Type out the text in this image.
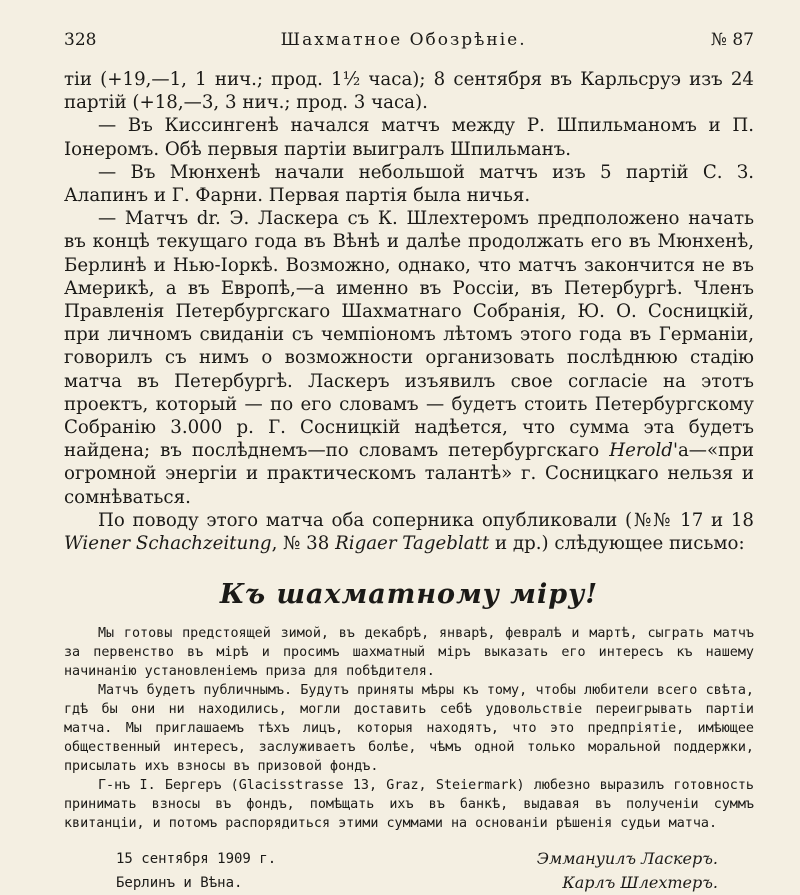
328	Шахматное Обозрѣніе.	№ 87

тіи (+19,—1, 1 нич.; прод. 1½ часа); 8 сентября въ Карльсруэ изъ 24 партій (+18,—3, 3 нич.; прод. 3 часа).

— Въ Киссингенѣ начался матчъ между Р. Шпильманомъ и П. Іонеромъ. Обѣ первыя партіи выигралъ Шпильманъ.

— Въ Мюнхенѣ начали небольшой матчъ изъ 5 партій С. З. Алапинъ и Г. Фарни. Первая партія была ничья.

— Матчъ dr. Э. Ласкера съ К. Шлехтеромъ предположено начать въ концѣ текущаго года въ Вѣнѣ и далѣе продолжать его въ Мюнхенѣ, Берлинѣ и Нью-Іоркѣ. Возможно, однако, что матчъ закончится не въ Америкѣ, а въ Европѣ,—а именно въ Россіи, въ Петербургѣ. Членъ Правленія Петербургскаго Шахматнаго Собранія, Ю. О. Сосницкій, при личномъ свиданіи съ чемпіономъ лѣтомъ этого года въ Германіи, говорилъ съ нимъ о возможности организовать послѣднюю стадію матча въ Петербургѣ. Ласкеръ изъявилъ свое согласіе на этотъ проектъ, который — по его словамъ — будетъ стоить Петербургскому Собранію 3.000 р. Г. Сосницкій надѣется, что сумма эта будетъ найдена; въ послѣднемъ—по словамъ петербургскаго Herold'а—«при огромной энергіи и практическомъ талантѣ» г. Сосницкаго нельзя и сомнѣваться.

По поводу этого матча оба соперника опубликовали (№№ 17 и 18 Wiener Schachzeitung, № 38 Rigaer Tageblatt и др.) слѣдующее письмо:

Къ шахматному міру!

Мы готовы предстоящей зимой, въ декабрѣ, январѣ, февралѣ и мартѣ, сыграть матчъ за первенство въ мірѣ и просимъ шахматный міръ выказать его интересъ къ нашему начинанію установленіемъ приза для побѣдителя.

Матчъ будетъ публичнымъ. Будутъ приняты мѣры къ тому, чтобы любители всего свѣта, гдѣ бы они ни находились, могли доставить себѣ удовольствіе переигрывать партіи матча. Мы приглашаемъ тѣхъ лицъ, которыя находятъ, что это предпріятіе, имѣющее общественный интересъ, заслуживаетъ болѣе, чѣмъ одной только моральной поддержки, присылать ихъ взносы въ призовой фондъ.

Г-нъ I. Бергеръ (Glacisstrasse 13, Graz, Steiermark) любезно выразилъ готовность принимать взносы въ фондъ, помѣщать ихъ въ банкѣ, выдавая въ полученіи суммъ квитанціи, и потомъ распорядиться этими суммами на основаніи рѣшенія судьи матча.

15 сентября 1909 г.
Берлинъ и Вѣна.
Эммануилъ Ласкеръ.
Карлъ Шлехтеръ.
